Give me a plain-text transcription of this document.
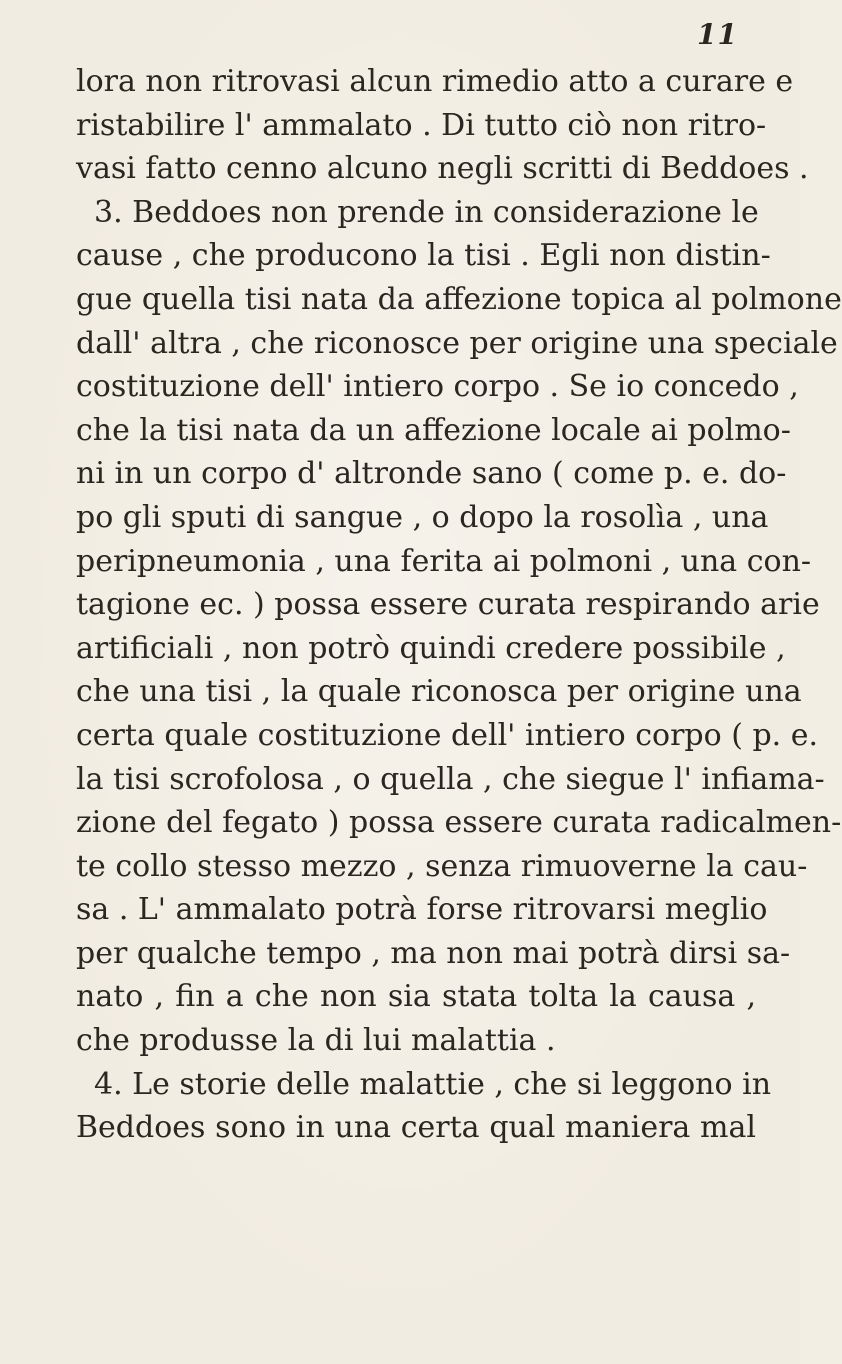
11
lora non ritrovasi alcun rimedio atto a curare e
ristabilire l' ammalato . Di tutto ciò non ritro-
vasi fatto cenno alcuno negli scritti di Beddoes .
3. Beddoes non prende in considerazione le
cause , che producono la tisi . Egli non distin-
gue quella tisi nata da affezione topica al polmone
dall' altra , che riconosce per origine una speciale
costituzione dell' intiero corpo . Se io concedo ,
che la tisi nata da un affezione locale ai polmo-
ni in un corpo d' altronde sano ( come p. e. do-
po gli sputi di sangue , o dopo la rosolìa , una
peripneumonia , una ferita ai polmoni , una con-
tagione ec. ) possa essere curata respirando arie
artificiali , non potrò quindi credere possibile ,
che una tisi , la quale riconosca per origine una
certa quale costituzione dell' intiero corpo ( p. e.
la tisi scrofolosa , o quella , che siegue l' infiama-
zione del fegato ) possa essere curata radicalmen-
te collo stesso mezzo , senza rimuoverne la cau-
sa . L' ammalato potrà forse ritrovarsi meglio
per qualche tempo , ma non mai potrà dirsi sa-
nato , fin a che non sia stata tolta la causa ,
che produsse la di lui malattia .
4. Le storie delle malattie , che si leggono in
Beddoes sono in una certa qual maniera mal
